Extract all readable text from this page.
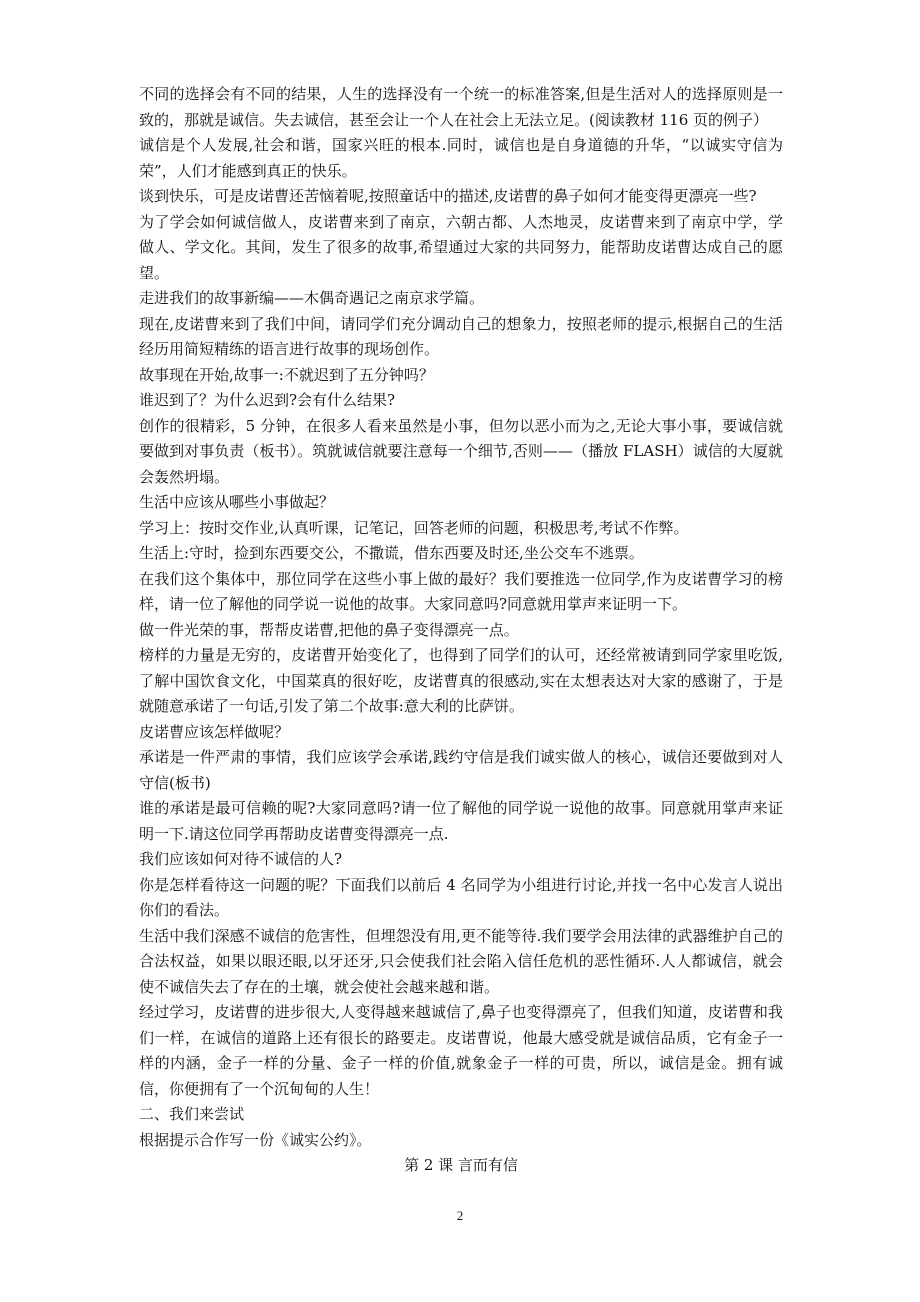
不同的选择会有不同的结果，人生的选择没有一个统一的标准答案,但是生活对人的选择原则是一致的，那就是诚信。失去诚信，甚至会让一个人在社会上无法立足。(阅读教材 116 页的例子）

诚信是个人发展,社会和谐，国家兴旺的根本.同时，诚信也是自身道德的升华，“以诚实守信为荣”，人们才能感到真正的快乐。

谈到快乐，可是皮诺曹还苦恼着呢,按照童话中的描述,皮诺曹的鼻子如何才能变得更漂亮一些?

为了学会如何诚信做人，皮诺曹来到了南京，六朝古都、人杰地灵，皮诺曹来到了南京中学，学做人、学文化。其间，发生了很多的故事,希望通过大家的共同努力，能帮助皮诺曹达成自己的愿望。

走进我们的故事新编——木偶奇遇记之南京求学篇。

现在,皮诺曹来到了我们中间，请同学们充分调动自己的想象力，按照老师的提示,根据自己的生活经历用简短精练的语言进行故事的现场创作。

故事现在开始,故事一:不就迟到了五分钟吗？

谁迟到了？为什么迟到?会有什么结果?

创作的很精彩，5 分钟，在很多人看来虽然是小事，但勿以恶小而为之,无论大事小事，要诚信就要做到对事负责（板书）。筑就诚信就要注意每一个细节,否则——（播放 FLASH）诚信的大厦就会轰然坍塌。

生活中应该从哪些小事做起？

学习上：按时交作业,认真听课，记笔记，回答老师的问题，积极思考,考试不作弊。

生活上:守时，捡到东西要交公，不撒谎，借东西要及时还,坐公交车不逃票。

在我们这个集体中，那位同学在这些小事上做的最好？我们要推选一位同学,作为皮诺曹学习的榜样，请一位了解他的同学说一说他的故事。大家同意吗?同意就用掌声来证明一下。

做一件光荣的事，帮帮皮诺曹,把他的鼻子变得漂亮一点。

榜样的力量是无穷的，皮诺曹开始变化了，也得到了同学们的认可，还经常被请到同学家里吃饭,了解中国饮食文化，中国菜真的很好吃，皮诺曹真的很感动,实在太想表达对大家的感谢了，于是就随意承诺了一句话,引发了第二个故事:意大利的比萨饼。

皮诺曹应该怎样做呢？

承诺是一件严肃的事情，我们应该学会承诺,践约守信是我们诚实做人的核心，诚信还要做到对人守信(板书)

谁的承诺是最可信赖的呢?大家同意吗?请一位了解他的同学说一说他的故事。同意就用掌声来证明一下.请这位同学再帮助皮诺曹变得漂亮一点.

我们应该如何对待不诚信的人?

你是怎样看待这一问题的呢？下面我们以前后 4 名同学为小组进行讨论,并找一名中心发言人说出你们的看法。

生活中我们深感不诚信的危害性，但埋怨没有用,更不能等待.我们要学会用法律的武器维护自己的合法权益，如果以眼还眼,以牙还牙,只会使我们社会陷入信任危机的恶性循环.人人都诚信，就会使不诚信失去了存在的土壤，就会使社会越来越和谐。

经过学习，皮诺曹的进步很大,人变得越来越诚信了,鼻子也变得漂亮了，但我们知道，皮诺曹和我们一样，在诚信的道路上还有很长的路要走。皮诺曹说，他最大感受就是诚信品质，它有金子一样的内涵，金子一样的分量、金子一样的价值,就象金子一样的可贵，所以，诚信是金。拥有诚信，你便拥有了一个沉甸甸的人生！

二、我们来尝试

根据提示合作写一份《诚实公约》。

第 2 课 言而有信

2
